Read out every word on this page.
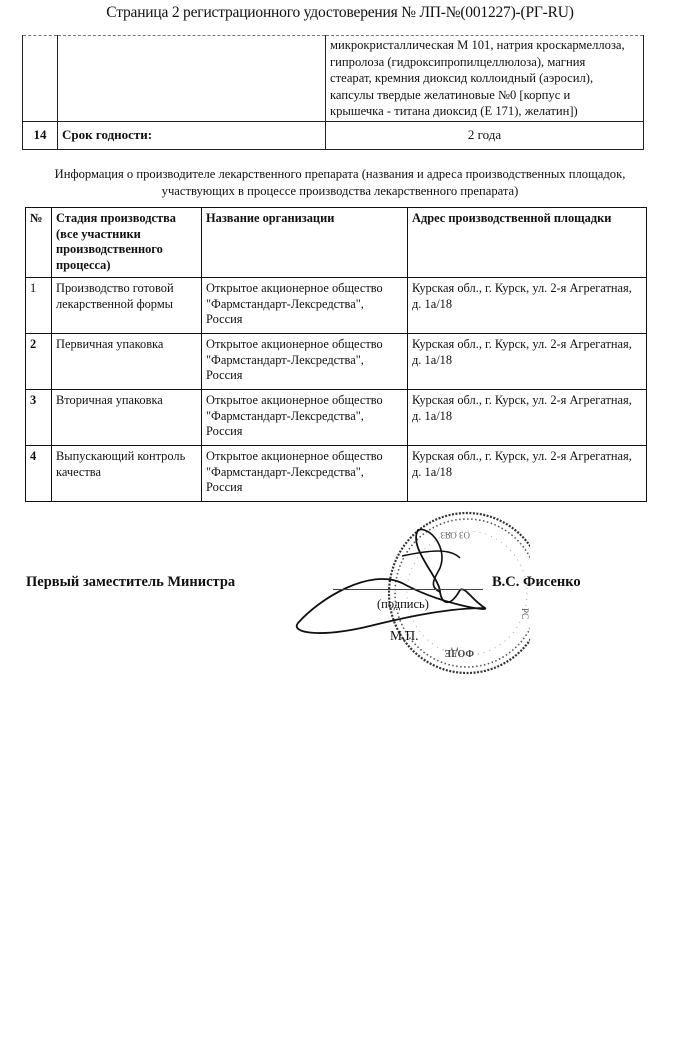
Страница 2 регистрационного удостоверения № ЛП-№(001227)-(РГ-RU)

		микрокристаллическая М 101, натрия кроскармеллоза,
гипролоза (гидроксипропилцеллюлоза), магния
стеарат, кремния диоксид коллоидный (аэросил),
капсулы твердые желатиновые №0 [корпус и
крышечка - титана диоксид (Е 171), желатин])

14	Срок годности:	2 года
Информация о производителе лекарственного препарата (названия и адреса производственных площадок,
участвующих в процессе производства лекарственного препарата)
№	Стадия производства (все участники производственного процесса)	Название организации	Адрес производственной площадки
1	Производство готовой лекарственной формы	Открытое акционерное общество "Фармстандарт-Лексредства", Россия	Курская обл., г. Курск, ул. 2-я Агрегатная, д. 1а/18
2	Первичная упаковка	Открытое акционерное общество "Фармстандарт-Лексредства", Россия	Курская обл., г. Курск, ул. 2-я Агрегатная, д. 1а/18
3	Вторичная упаковка	Открытое акционерное общество "Фармстандарт-Лексредства", Россия	Курская обл., г. Курск, ул. 2-я Агрегатная, д. 1а/18
4	Выпускающий контроль качества	Открытое акционерное общество "Фармстандарт-Лексредства", Россия	Курская обл., г. Курск, ул. 2-я Агрегатная, д. 1а/18
ОЗ ОЯЗ
РС
ФОДЕ
Первый заместитель Министра
(подпись)
М.П.
В.С. Фисенко
